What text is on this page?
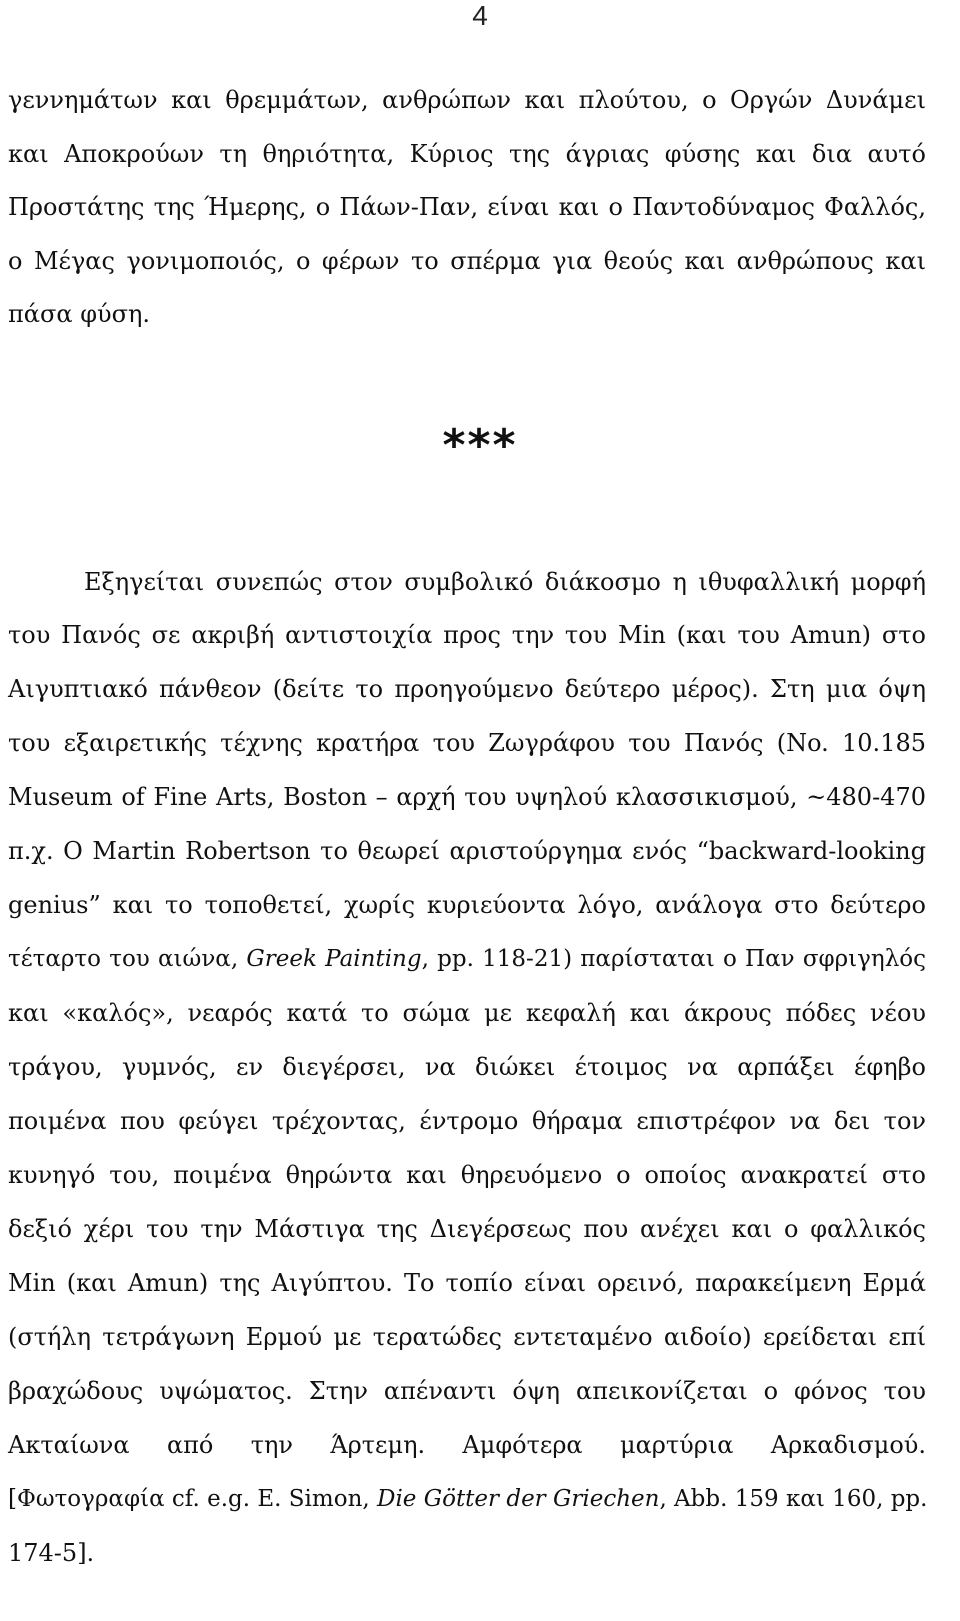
4
γεννημάτων και θρεμμάτων, ανθρώπων και πλούτου, ο Οργών Δυνάμει
και Αποκρούων τη θηριότητα, Κύριος της άγριας φύσης και δια αυτό
Προστάτης της Ήμερης, ο Πάων-Παν, είναι και ο Παντοδύναμος Φαλλός,
ο Μέγας γονιμοποιός, ο φέρων το σπέρμα για θεούς και ανθρώπους και
πάσα φύση.
***
Εξηγείται συνεπώς στον συμβολικό διάκοσμο η ιθυφαλλική μορφή
του Πανός σε ακριβή αντιστοιχία προς την του Min (και του Amun) στο
Αιγυπτιακό πάνθεον (δείτε το προηγούμενο δεύτερο μέρος). Στη μια όψη
του εξαιρετικής τέχνης κρατήρα του Ζωγράφου του Πανός (No. 10.185
Museum of Fine Arts, Boston – αρχή του υψηλού κλασσικισμού, ~480-470
π.χ. Ο Martin Robertson το θεωρεί αριστούργημα ενός “backward-looking
genius” και το τοποθετεί, χωρίς κυριεύοντα λόγο, ανάλογα στο δεύτερο
τέταρτο του αιώνα, Greek Painting, pp. 118-21) παρίσταται ο Παν σφριγηλός
και «καλός», νεαρός κατά το σώμα με κεφαλή και άκρους πόδες νέου
τράγου, γυμνός, εν διεγέρσει, να διώκει έτοιμος να αρπάξει έφηβο
ποιμένα που φεύγει τρέχοντας, έντρομο θήραμα επιστρέφον να δει τον
κυνηγό του, ποιμένα θηρώντα και θηρευόμενο ο οποίος ανακρατεί στο
δεξιό χέρι του την Μάστιγα της Διεγέρσεως που ανέχει και ο φαλλικός
Min (και Amun) της Αιγύπτου. Το τοπίο είναι ορεινό, παρακείμενη Ερμά
(στήλη τετράγωνη Ερμού με τερατώδες εντεταμένο αιδοίο) ερείδεται επί
βραχώδους υψώματος. Στην απέναντι όψη απεικονίζεται ο φόνος του
Ακταίωνα από την Άρτεμη. Αμφότερα μαρτύρια Αρκαδισμού.
[Φωτογραφία cf. e.g. E. Simon, Die Götter der Griechen, Abb. 159 και 160, pp.
174-5].
